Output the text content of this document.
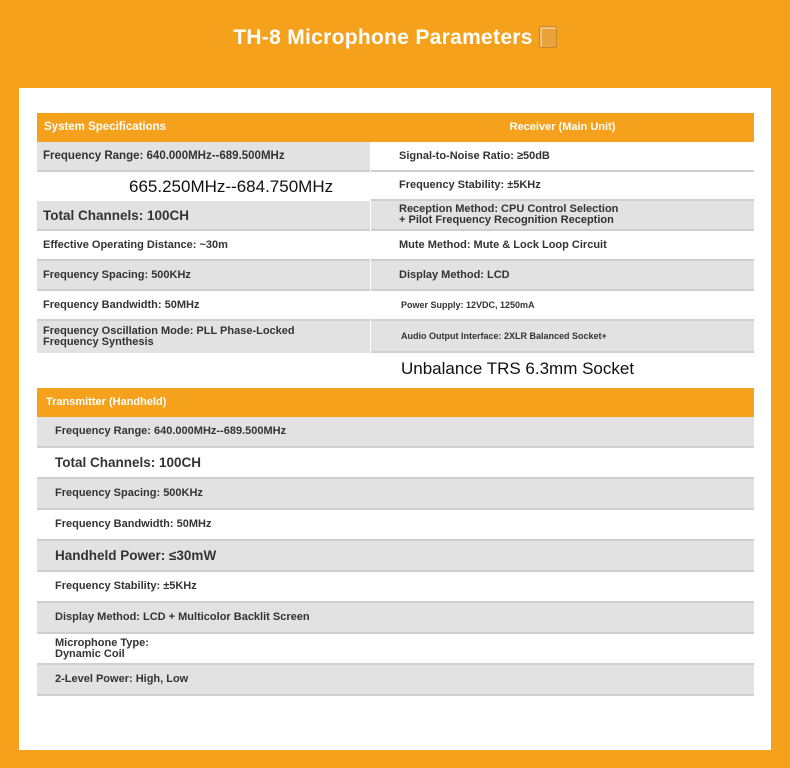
TH-8 Microphone Parameters
System Specifications	Receiver (Main Unit)
Frequency Range: 640.000MHz--689.500MHz
665.250MHz--684.750MHz
Total Channels: 100CH
Effective Operating Distance: ~30m
Frequency Spacing: 500KHz
Frequency Bandwidth: 50MHz
Frequency Oscillation Mode: PLL Phase-Locked
Frequency Synthesis
Signal-to-Noise Ratio: ≥50dB
Frequency Stability: ±5KHz
Reception Method: CPU Control Selection
+ Pilot Frequency Recognition Reception
Mute Method: Mute & Lock Loop Circuit
Display Method: LCD
Power Supply: 12VDC, 1250mA
Audio Output Interface: 2XLR Balanced Socket+
Unbalance TRS 6.3mm Socket
Transmitter (Handheld)
Frequency Range: 640.000MHz--689.500MHz
Total Channels: 100CH
Frequency Spacing: 500KHz
Frequency Bandwidth: 50MHz
Handheld Power: ≤30mW
Frequency Stability: ±5KHz
Display Method: LCD + Multicolor Backlit Screen
Microphone Type:
Dynamic Coil
2-Level Power: High, Low
